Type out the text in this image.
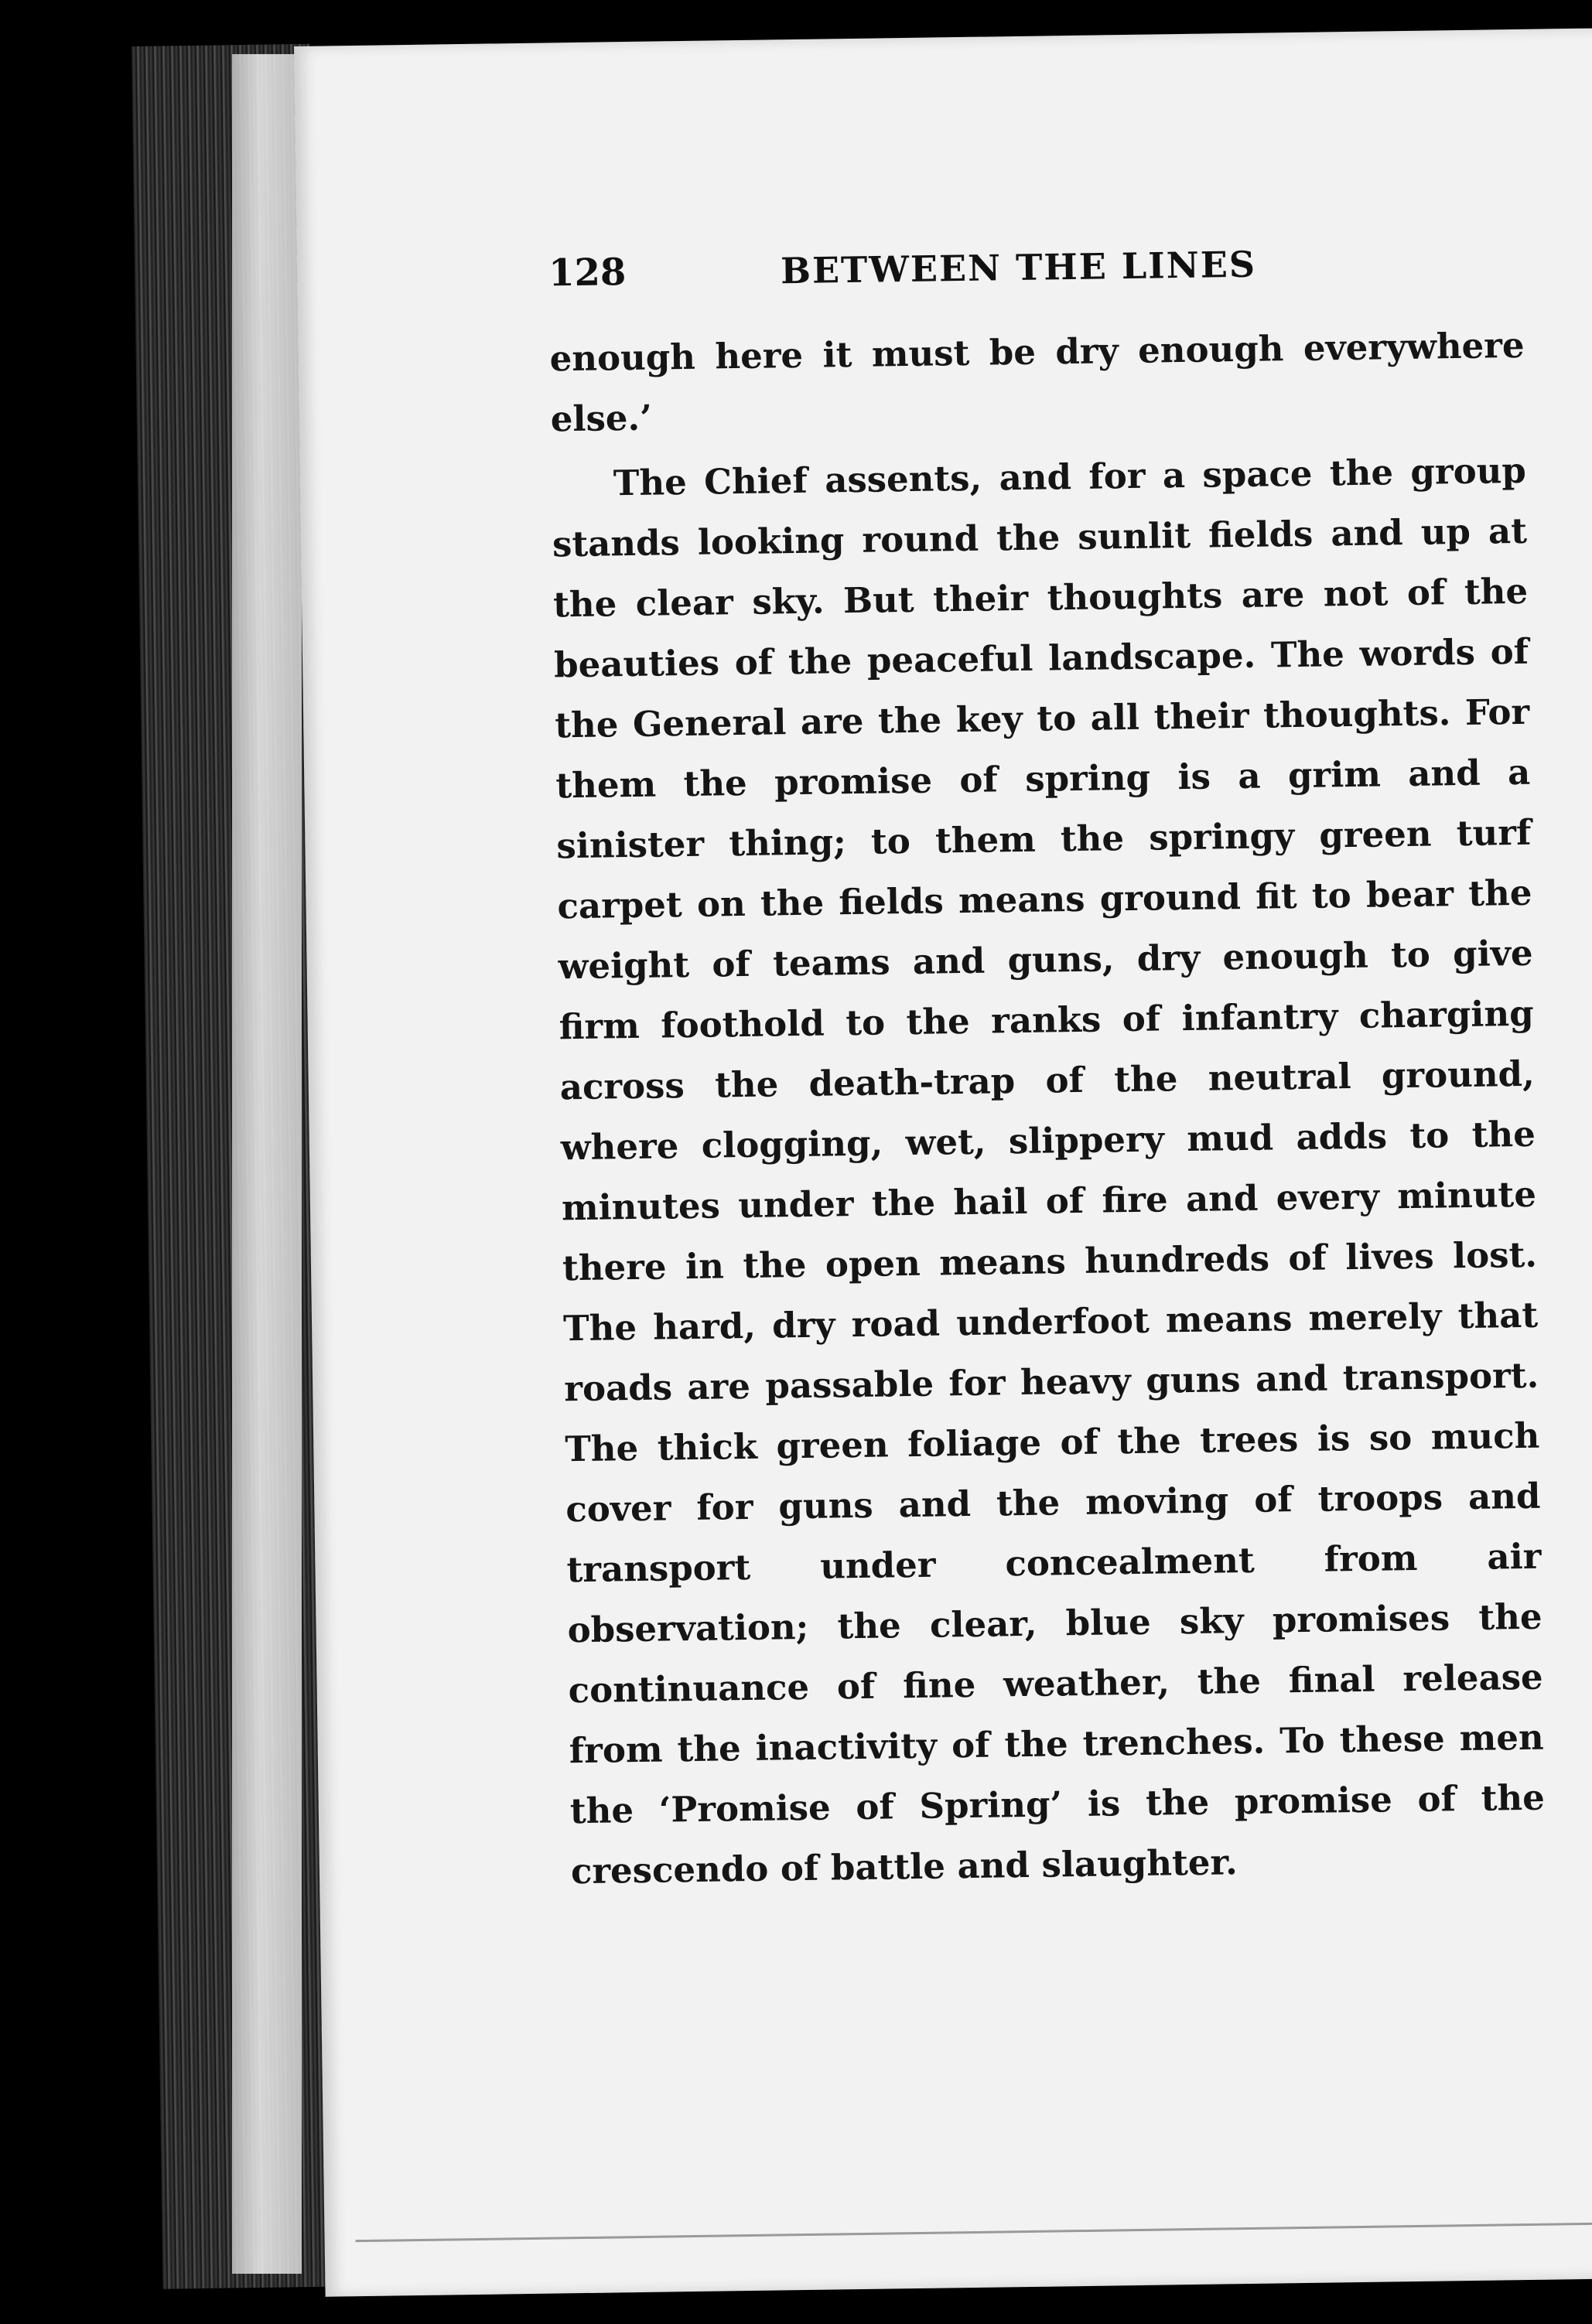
128	BETWEEN THE LINES

enough here it must be dry enough everywhere else.’

The Chief assents, and for a space the group stands looking round the sunlit fields and up at the clear sky. But their thoughts are not of the beauties of the peaceful landscape. The words of the General are the key to all their thoughts. For them the promise of spring is a grim and a sinister thing; to them the springy green turf carpet on the fields means ground fit to bear the weight of teams and guns, dry enough to give firm foothold to the ranks of infantry charging across the death-trap of the neutral ground, where clogging, wet, slippery mud adds to the minutes under the hail of fire and every minute there in the open means hundreds of lives lost. The hard, dry road underfoot means merely that roads are passable for heavy guns and transport. The thick green foliage of the trees is so much cover for guns and the moving of troops and transport under concealment from air observation; the clear, blue sky promises the continuance of fine weather, the final release from the inactivity of the trenches. To these men the ‘Promise of Spring’ is the promise of the crescendo of battle and slaughter.
